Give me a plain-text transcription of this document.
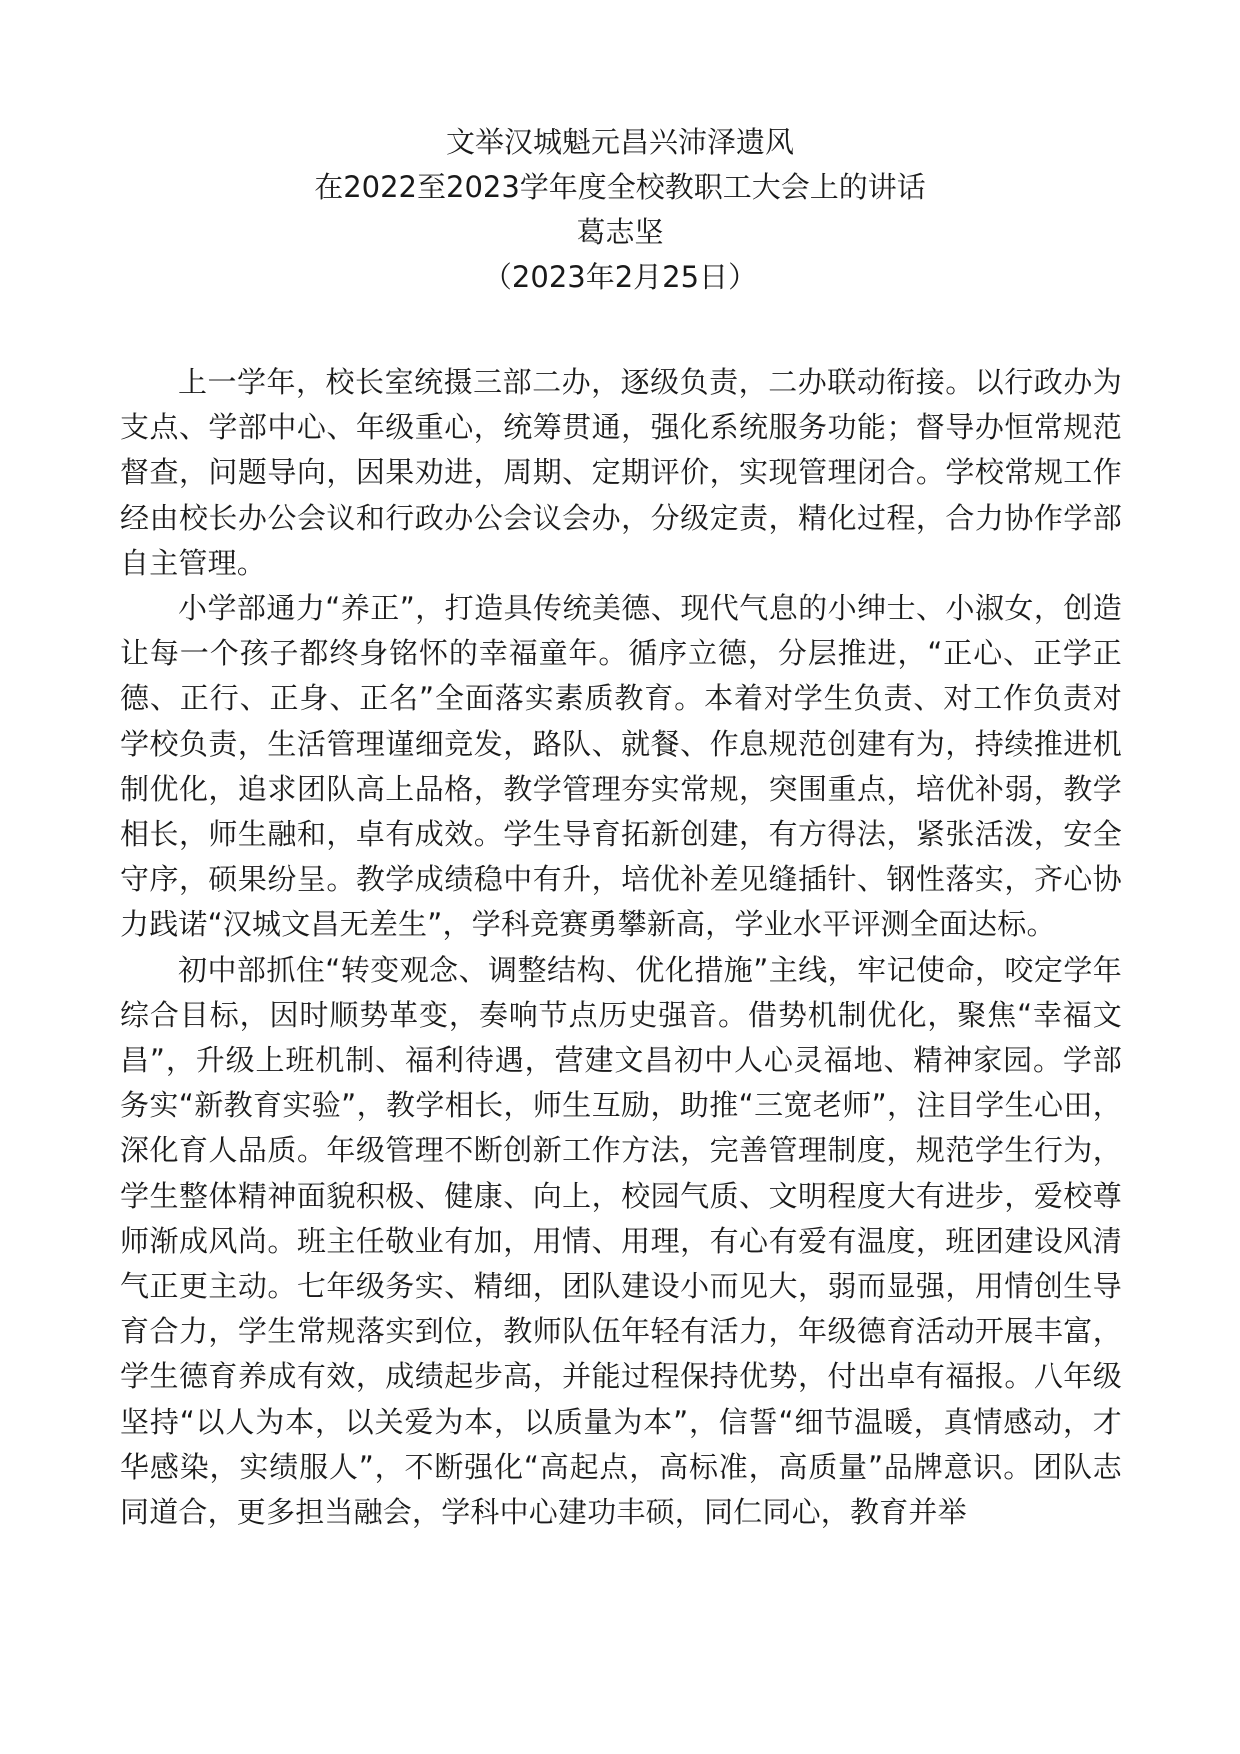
文举汉城魁元昌兴沛泽遗风
在2022至2023学年度全校教职工大会上的讲话
葛志坚
（2023年2月25日）

上一学年，校长室统摄三部二办，逐级负责，二办联动衔接。以行政办为支点、学部中心、年级重心，统筹贯通，强化系统服务功能；督导办恒常规范督查，问题导向，因果劝进，周期、定期评价，实现管理闭合。学校常规工作经由校长办公会议和行政办公会议会办，分级定责，精化过程，合力协作学部自主管理。

小学部通力“养正”，打造具传统美德、现代气息的小绅士、小淑女，创造让每一个孩子都终身铭怀的幸福童年。循序立德，分层推进，“正心、正学正德、正行、正身、正名”全面落实素质教育。本着对学生负责、对工作负责对学校负责，生活管理谨细竞发，路队、就餐、作息规范创建有为，持续推进机制优化，追求团队高上品格，教学管理夯实常规，突围重点，培优补弱，教学相长，师生融和，卓有成效。学生导育拓新创建，有方得法，紧张活泼，安全守序，硕果纷呈。教学成绩稳中有升，培优补差见缝插针、钢性落实，齐心协力践诺“汉城文昌无差生”，学科竞赛勇攀新高，学业水平评测全面达标。

初中部抓住“转变观念、调整结构、优化措施”主线，牢记使命，咬定学年综合目标，因时顺势革变，奏响节点历史强音。借势机制优化，聚焦“幸福文昌”，升级上班机制、福利待遇，营建文昌初中人心灵福地、精神家园。学部务实“新教育实验”，教学相长，师生互励，助推“三宽老师”，注目学生心田，深化育人品质。年级管理不断创新工作方法，完善管理制度，规范学生行为，学生整体精神面貌积极、健康、向上，校园气质、文明程度大有进步，爱校尊师渐成风尚。班主任敬业有加，用情、用理，有心有爱有温度，班团建设风清气正更主动。七年级务实、精细，团队建设小而见大，弱而显强，用情创生导育合力，学生常规落实到位，教师队伍年轻有活力，年级德育活动开展丰富，学生德育养成有效，成绩起步高，并能过程保持优势，付出卓有福报。八年级坚持“以人为本，以关爱为本，以质量为本”，信誓“细节温暖，真情感动，才华感染，实绩服人”，不断强化“高起点，高标准，高质量”品牌意识。团队志同道合，更多担当融会，学科中心建功丰硕，同仁同心，教育并举
